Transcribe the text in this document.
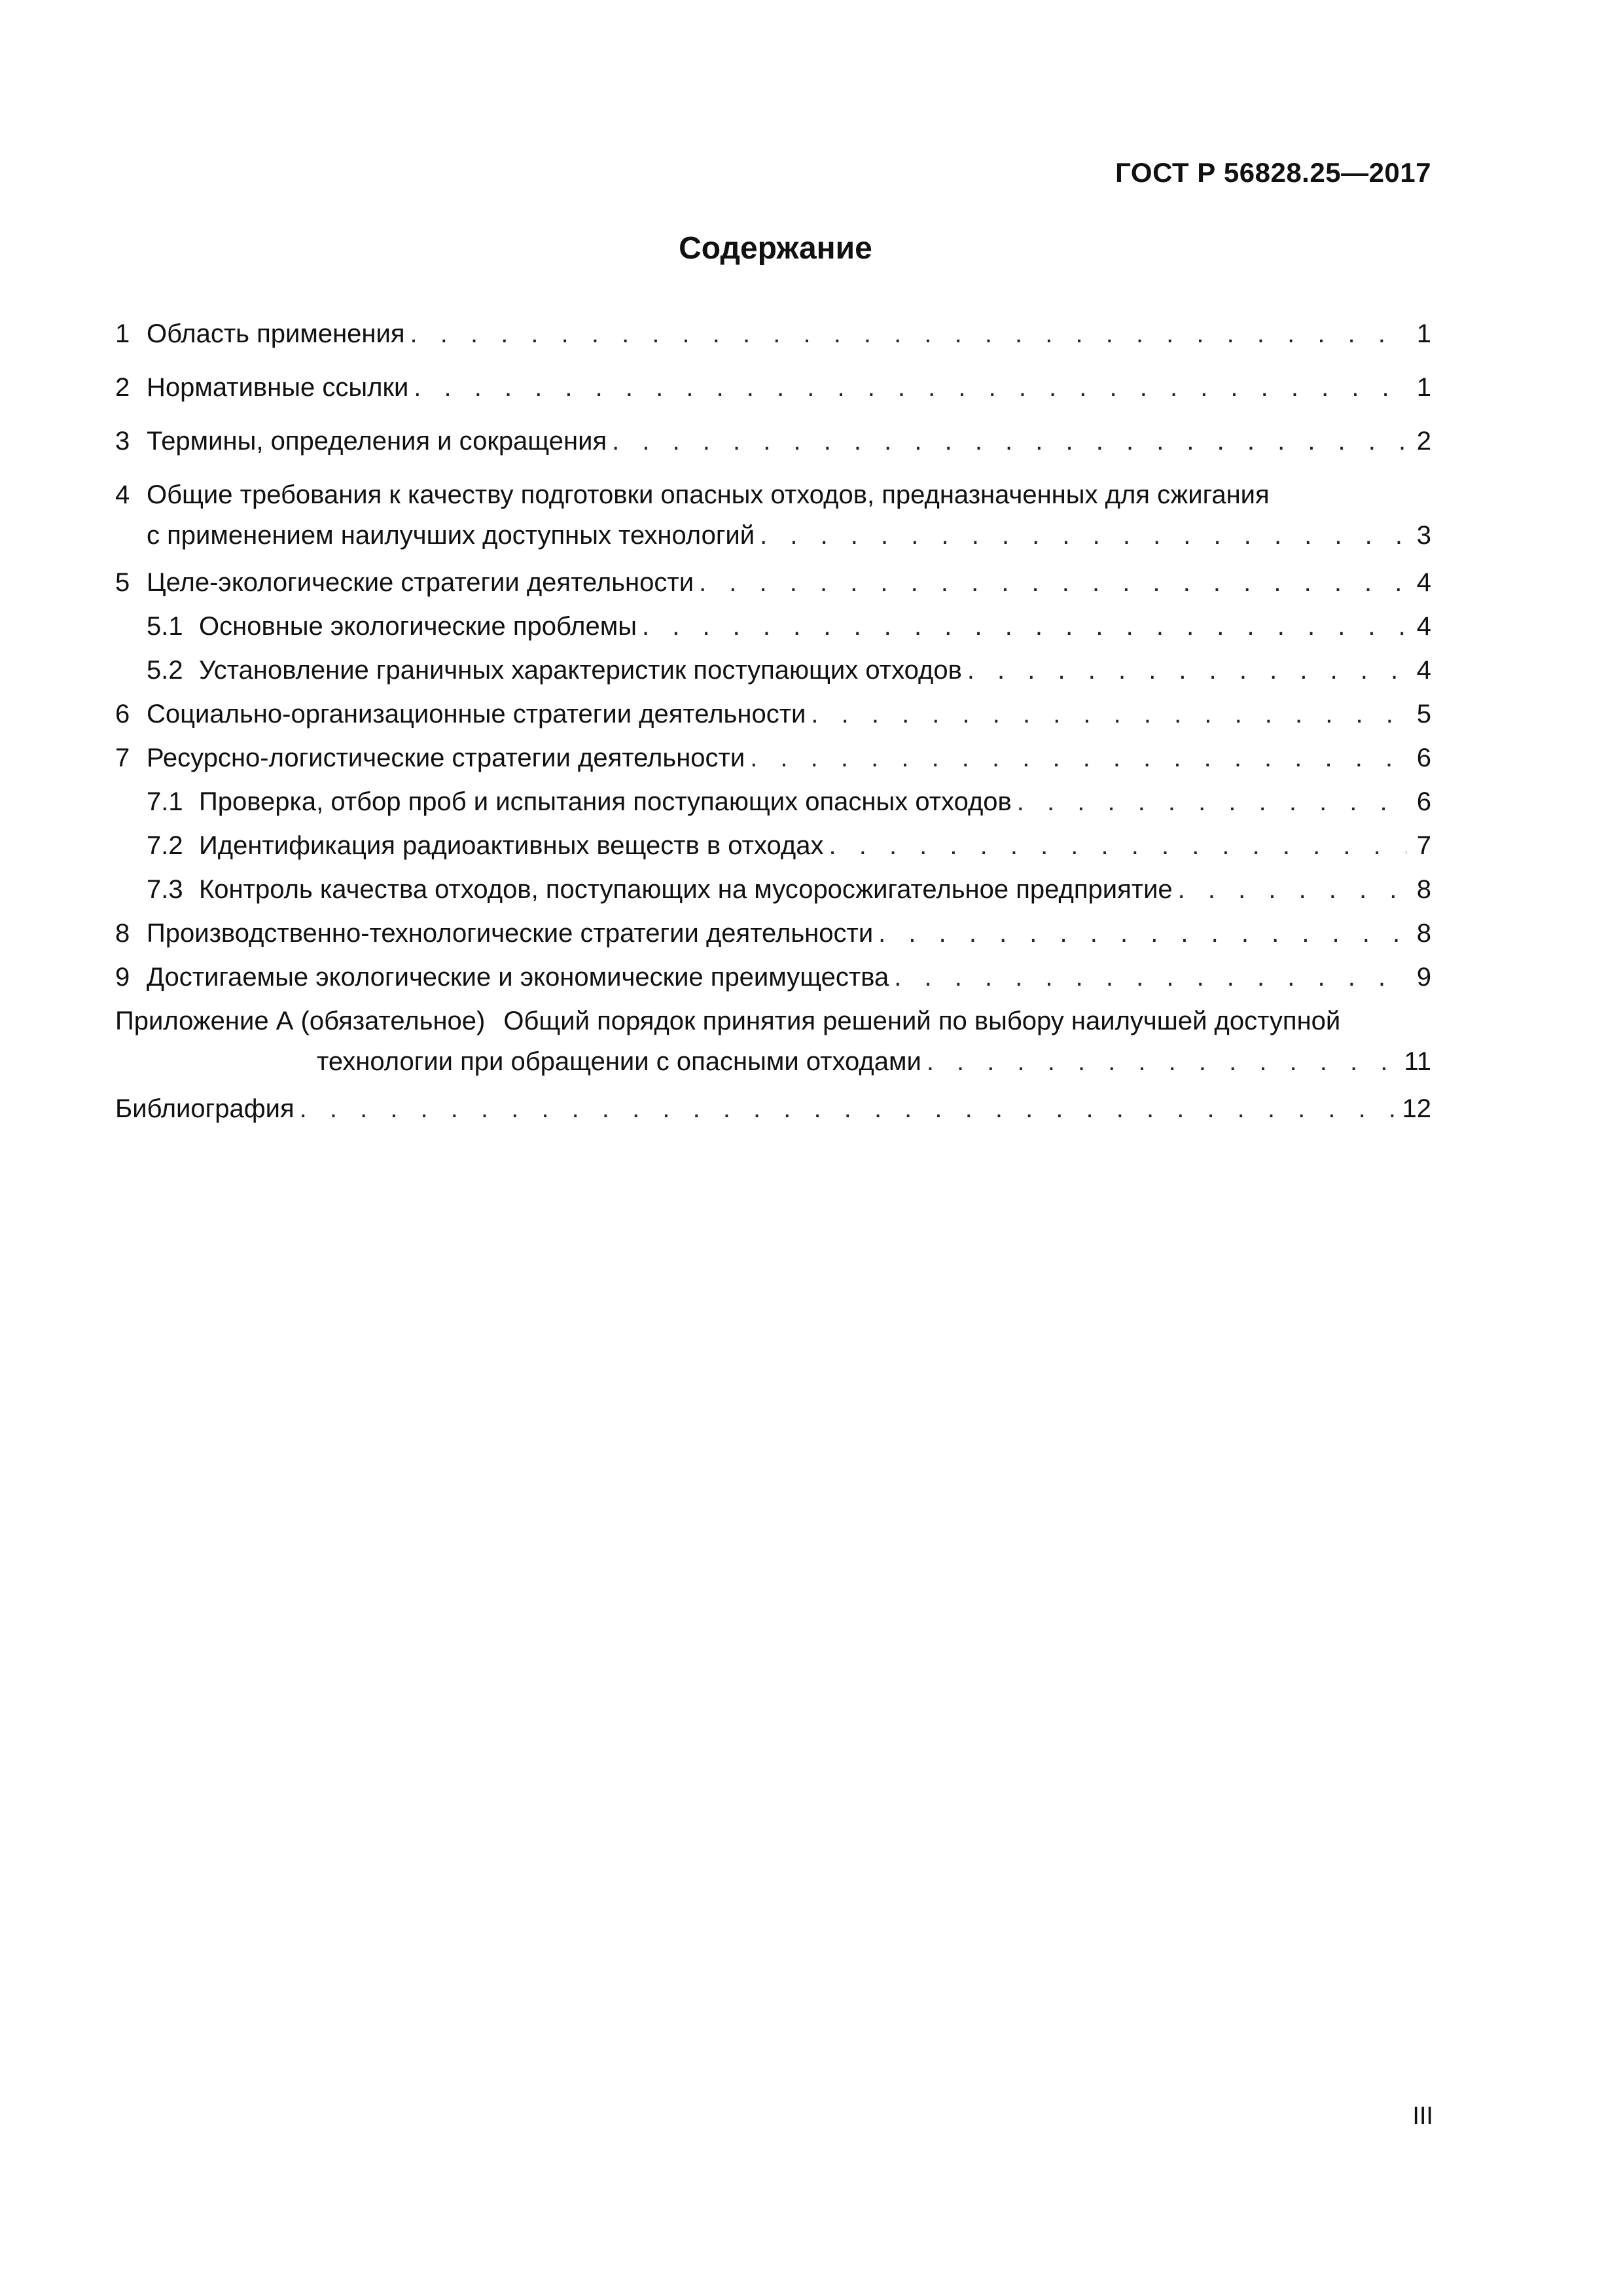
ГОСТ Р 56828.25—2017
Содержание
1 Область применения . . .	1
2 Нормативные ссылки . . .	1
3 Термины, определения и сокращения . . .	2
4 Общие требования к качеству подготовки опасных отходов, предназначенных для сжигания
с применением наилучших доступных технологий . . .	3
5 Целе-экологические стратегии деятельности . . .	4
5.1 Основные экологические проблемы . . .	4
5.2 Установление граничных характеристик поступающих отходов . . .	4
6 Социально-организационные стратегии деятельности . . .	5
7 Ресурсно-логистические стратегии деятельности . . .	6
7.1 Проверка, отбор проб и испытания поступающих опасных отходов . . .	6
7.2 Идентификация радиоактивных веществ в отходах . . .	7
7.3 Контроль качества отходов, поступающих на мусоросжигательное предприятие . . .	8
8 Производственно-технологические стратегии деятельности . . .	8
9 Достигаемые экологические и экономические преимущества . . .	9
Приложение А (обязательное) Общий порядок принятия решений по выбору наилучшей доступной
технологии при обращении с опасными отходами . . .	11
Библиография . . .	12
III
